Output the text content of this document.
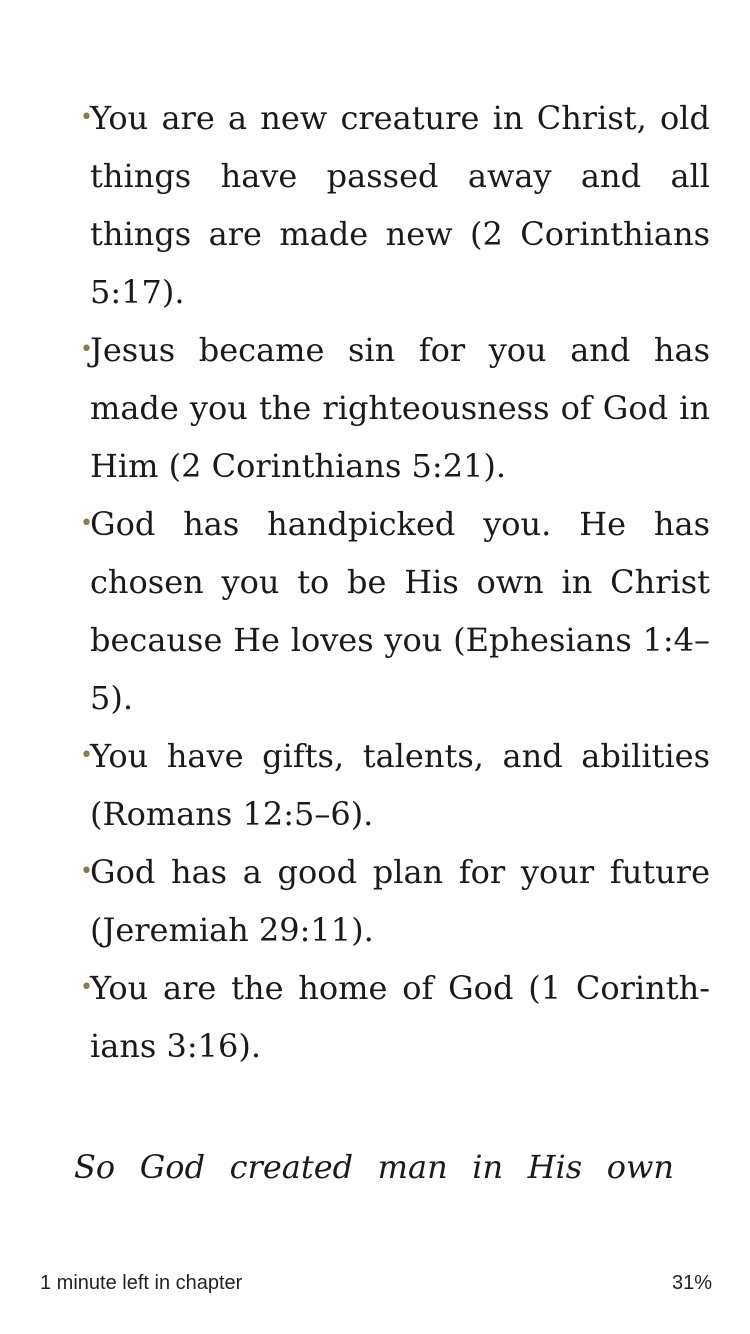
•
You are a new creature in Christ, old things have passed away and all things are made new (2 Corinthians 5:17).
•
Jesus became sin for you and has made you the righteousness of God in Him (2 Corinthians 5:21).
•
God has handpicked you. He has chosen you to be His own in Christ because He loves you (Ephesians 1:4–5).
•
You have gifts, talents, and abilities (Romans 12:5–6).
•
God has a good plan for your future (Jeremiah 29:11).
•
You are the home of God (1 Corinthians 3:16).
So God created man in His own
1 minute left in chapter	31%
